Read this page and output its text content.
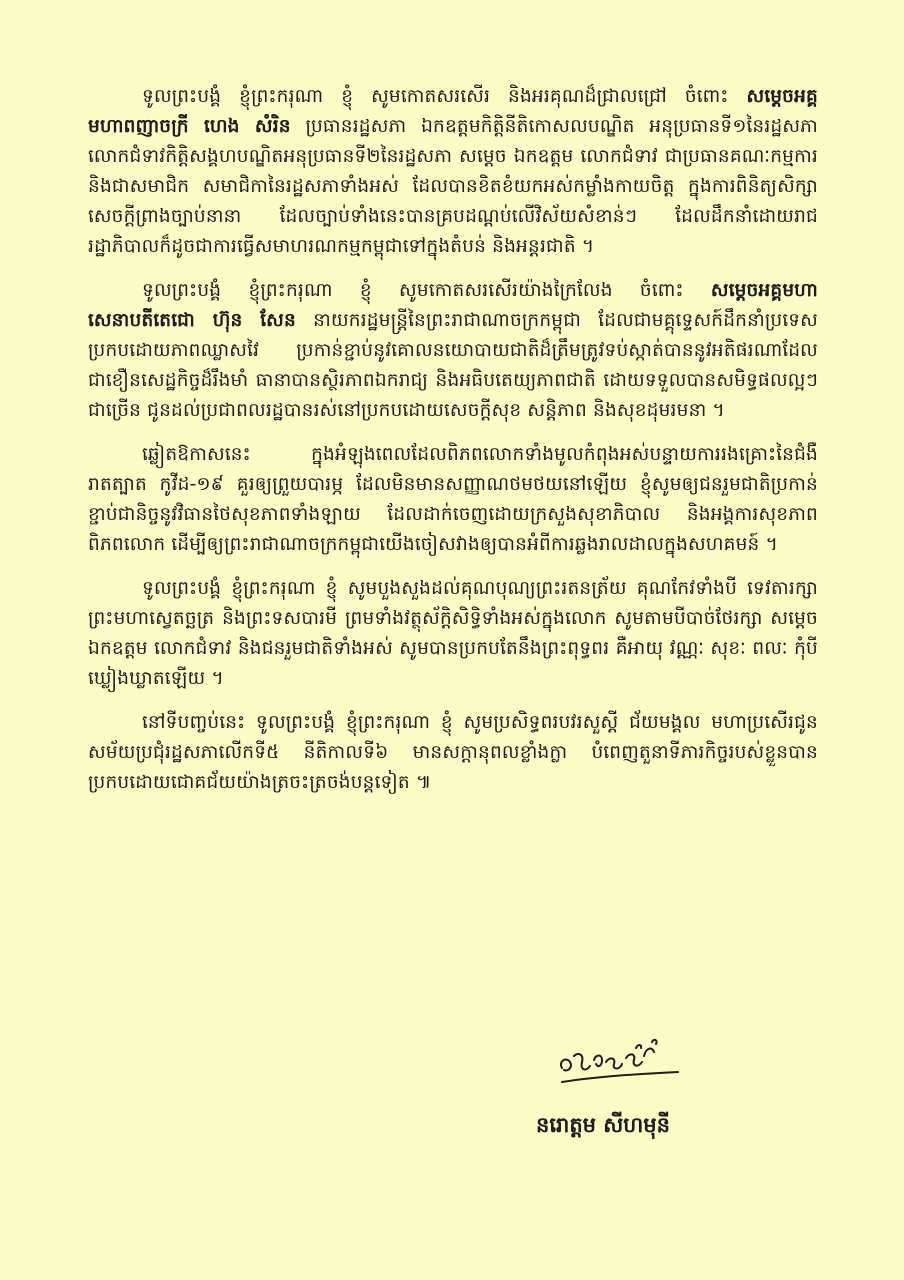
ទូលព្រះបង្គំ ខ្ញុំព្រះករុណា ខ្ញុំ សូមកោតសរសើរ និងអរគុណដ៏ជ្រាលជ្រៅ ចំពោះ សម្ដេចអគ្គមហាពញាចក្រី ហេង សំរិន ប្រធានរដ្ឋសភា ឯកឧត្តមកិត្តិនីតិកោសលបណ្ឌិត អនុប្រធានទី១នៃរដ្ឋសភា លោកជំទាវកិត្តិសង្គហបណ្ឌិតអនុប្រធានទី២នៃរដ្ឋសភា សម្ដេច ឯកឧត្តម លោកជំទាវ ជាប្រធានគណៈកម្មការ និងជាសមាជិក សមាជិកានៃរដ្ឋសភាទាំងអស់ ដែលបានខិតខំយកអស់កម្លាំងកាយចិត្ត ក្នុងការពិនិត្យសិក្សាសេចក្ដីព្រាងច្បាប់នានា ដែលច្បាប់ទាំងនេះបានគ្របដណ្ដប់លើវិស័យសំខាន់ៗ ដែលដឹកនាំដោយរាជរដ្ឋាភិបាលក៏ដូចជាការធ្វើសមាហរណកម្មកម្ពុជាទៅក្នុងតំបន់ និងអន្តរជាតិ ។

ទូលព្រះបង្គំ ខ្ញុំព្រះករុណា ខ្ញុំ សូមកោតសរសើរយ៉ាងក្រៃលែង ចំពោះ សម្ដេចអគ្គមហាសេនាបតីតេជោ ហ៊ុន សែន នាយករដ្ឋមន្ត្រីនៃព្រះរាជាណាចក្រកម្ពុជា ដែលជាមគ្គុទ្ទេសក៍ដឹកនាំប្រទេសប្រកបដោយភាពឈ្លាសវៃ ប្រកាន់ខ្ជាប់នូវគោលនយោបាយជាតិដ៏ត្រឹមត្រូវទប់ស្កាត់បាននូវអតិផរណាដែលជាខឿនសេដ្ឋកិច្ចដ៏រឹងមាំ ធានាបានស្ថិរភាពឯករាជ្យ និងអធិបតេយ្យភាពជាតិ ដោយទទួលបានសមិទ្ធផលល្អៗជាច្រើន ជូនដល់ប្រជាពលរដ្ឋបានរស់នៅប្រកបដោយសេចក្ដីសុខ សន្តិភាព និងសុខដុមរមនា ។

ឆ្លៀតឱកាសនេះ ក្នុងអំឡុងពេលដែលពិភពលោកទាំងមូលកំពុងអស់បន្ទាយការរងគ្រោះនៃជំងឺរាតត្បាត កូវីដ-១៩ គួរឲ្យព្រួយបារម្ភ ដែលមិនមានសញ្ញាណថមថយនៅឡើយ ខ្ញុំសូមឲ្យជនរួមជាតិប្រកាន់ខ្ជាប់ជានិច្ចនូវវិធានថៃសុខភាពទាំងឡាយ ដែលដាក់ចេញដោយក្រសួងសុខាភិបាល និងអង្គការសុខភាពពិភពលោក ដើម្បីឲ្យព្រះរាជាណាចក្រកម្ពុជាយើងចៀសវាងឲ្យបានអំពីការឆ្លងរាលដាលក្នុងសហគមន៍ ។

ទូលព្រះបង្គំ ខ្ញុំព្រះករុណា ខ្ញុំ សូមបួងសួងដល់គុណបុណ្យព្រះរតនត្រ័យ គុណកែវទាំងបី ទេវតារក្សាព្រះមហាស្វេតច្ឆត្រ និងព្រះទសបារមី ព្រមទាំងវត្ថុស័ក្តិសិទ្ធិទាំងអស់ក្នុងលោក សូមតាមបីបាច់ថែរក្សា សម្ដេច ឯកឧត្តម លោកជំទាវ និងជនរួមជាតិទាំងអស់ សូមបានប្រកបតែនឹងព្រះពុទ្ធពរ គឺអាយុ វណ្ណៈ សុខៈ ពលៈ កុំបីឃ្លៀងឃ្លាតឡើយ ។

នៅទីបញ្ចប់នេះ ទូលព្រះបង្គំ ខ្ញុំព្រះករុណា ខ្ញុំ សូមប្រសិទ្ធពរបវរសួស្ដី ជ័យមង្គល មហាប្រសើរជូនសម័យប្រជុំរដ្ឋសភាលើកទី៥ នីតិកាលទី៦ មានសក្ដានុពលខ្លាំងក្លា បំពេញតួនាទីភារកិច្ចរបស់ខ្លួនបានប្រកបដោយជោគជ័យយ៉ាងត្រចះត្រចង់បន្តទៀត ៕

នរោត្តម សីហមុនី
